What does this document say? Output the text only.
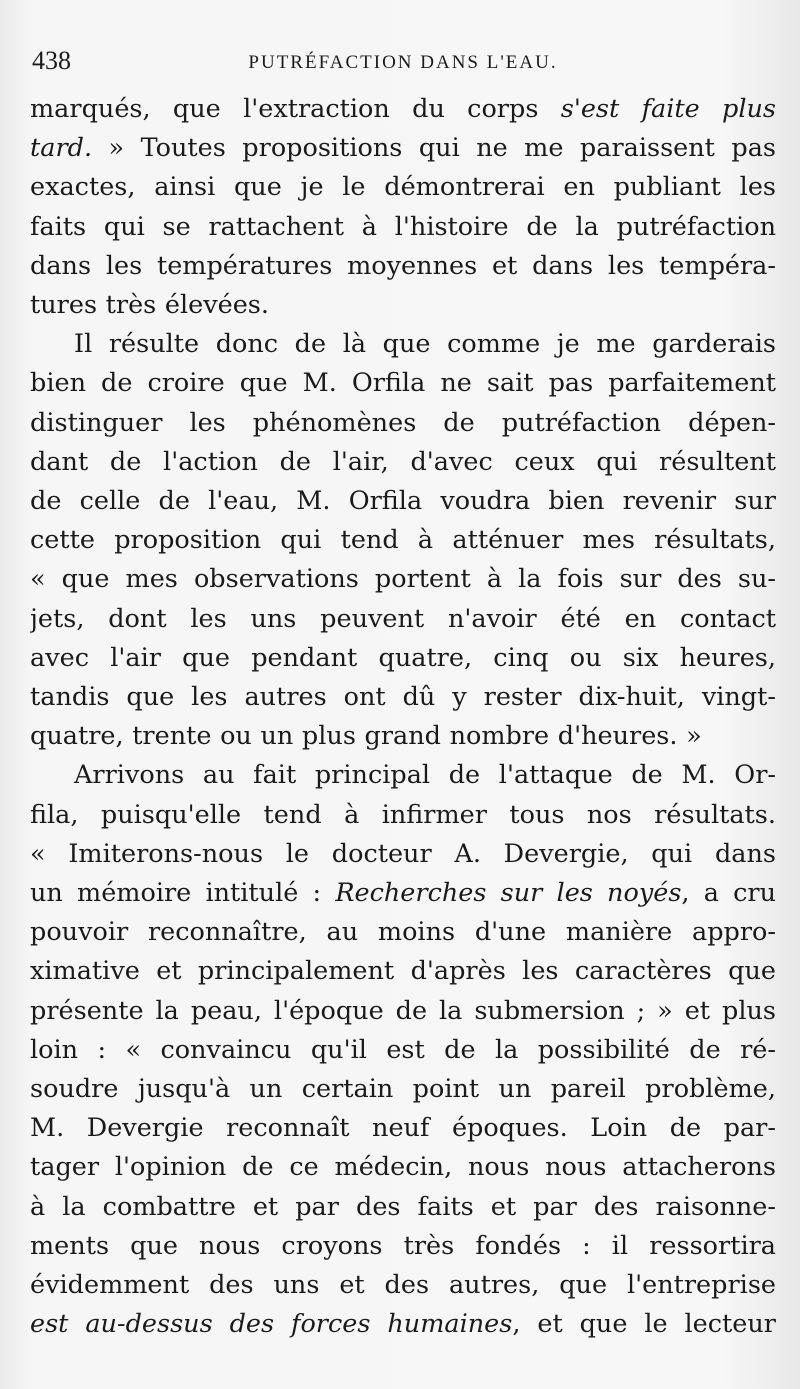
438	PUTRÉFACTION DANS L'EAU.
marqués, que l'extraction du corps s'est faite plus
tard. » Toutes propositions qui ne me paraissent pas
exactes, ainsi que je le démontrerai en publiant les
faits qui se rattachent à l'histoire de la putréfaction
dans les températures moyennes et dans les tempéra-
tures très élevées.
Il résulte donc de là que comme je me garderais
bien de croire que M. Orfila ne sait pas parfaitement
distinguer les phénomènes de putréfaction dépen-
dant de l'action de l'air, d'avec ceux qui résultent
de celle de l'eau, M. Orfila voudra bien revenir sur
cette proposition qui tend à atténuer mes résultats,
« que mes observations portent à la fois sur des su-
jets, dont les uns peuvent n'avoir été en contact
avec l'air que pendant quatre, cinq ou six heures,
tandis que les autres ont dû y rester dix-huit, vingt-
quatre, trente ou un plus grand nombre d'heures. »
Arrivons au fait principal de l'attaque de M. Or-
fila, puisqu'elle tend à infirmer tous nos résultats.
« Imiterons-nous le docteur A. Devergie, qui dans
un mémoire intitulé : Recherches sur les noyés, a cru
pouvoir reconnaître, au moins d'une manière appro-
ximative et principalement d'après les caractères que
présente la peau, l'époque de la submersion ; » et plus
loin : « convaincu qu'il est de la possibilité de ré-
soudre jusqu'à un certain point un pareil problème,
M. Devergie reconnaît neuf époques. Loin de par-
tager l'opinion de ce médecin, nous nous attacherons
à la combattre et par des faits et par des raisonne-
ments que nous croyons très fondés : il ressortira
évidemment des uns et des autres, que l'entreprise
est au-dessus des forces humaines, et que le lecteur
